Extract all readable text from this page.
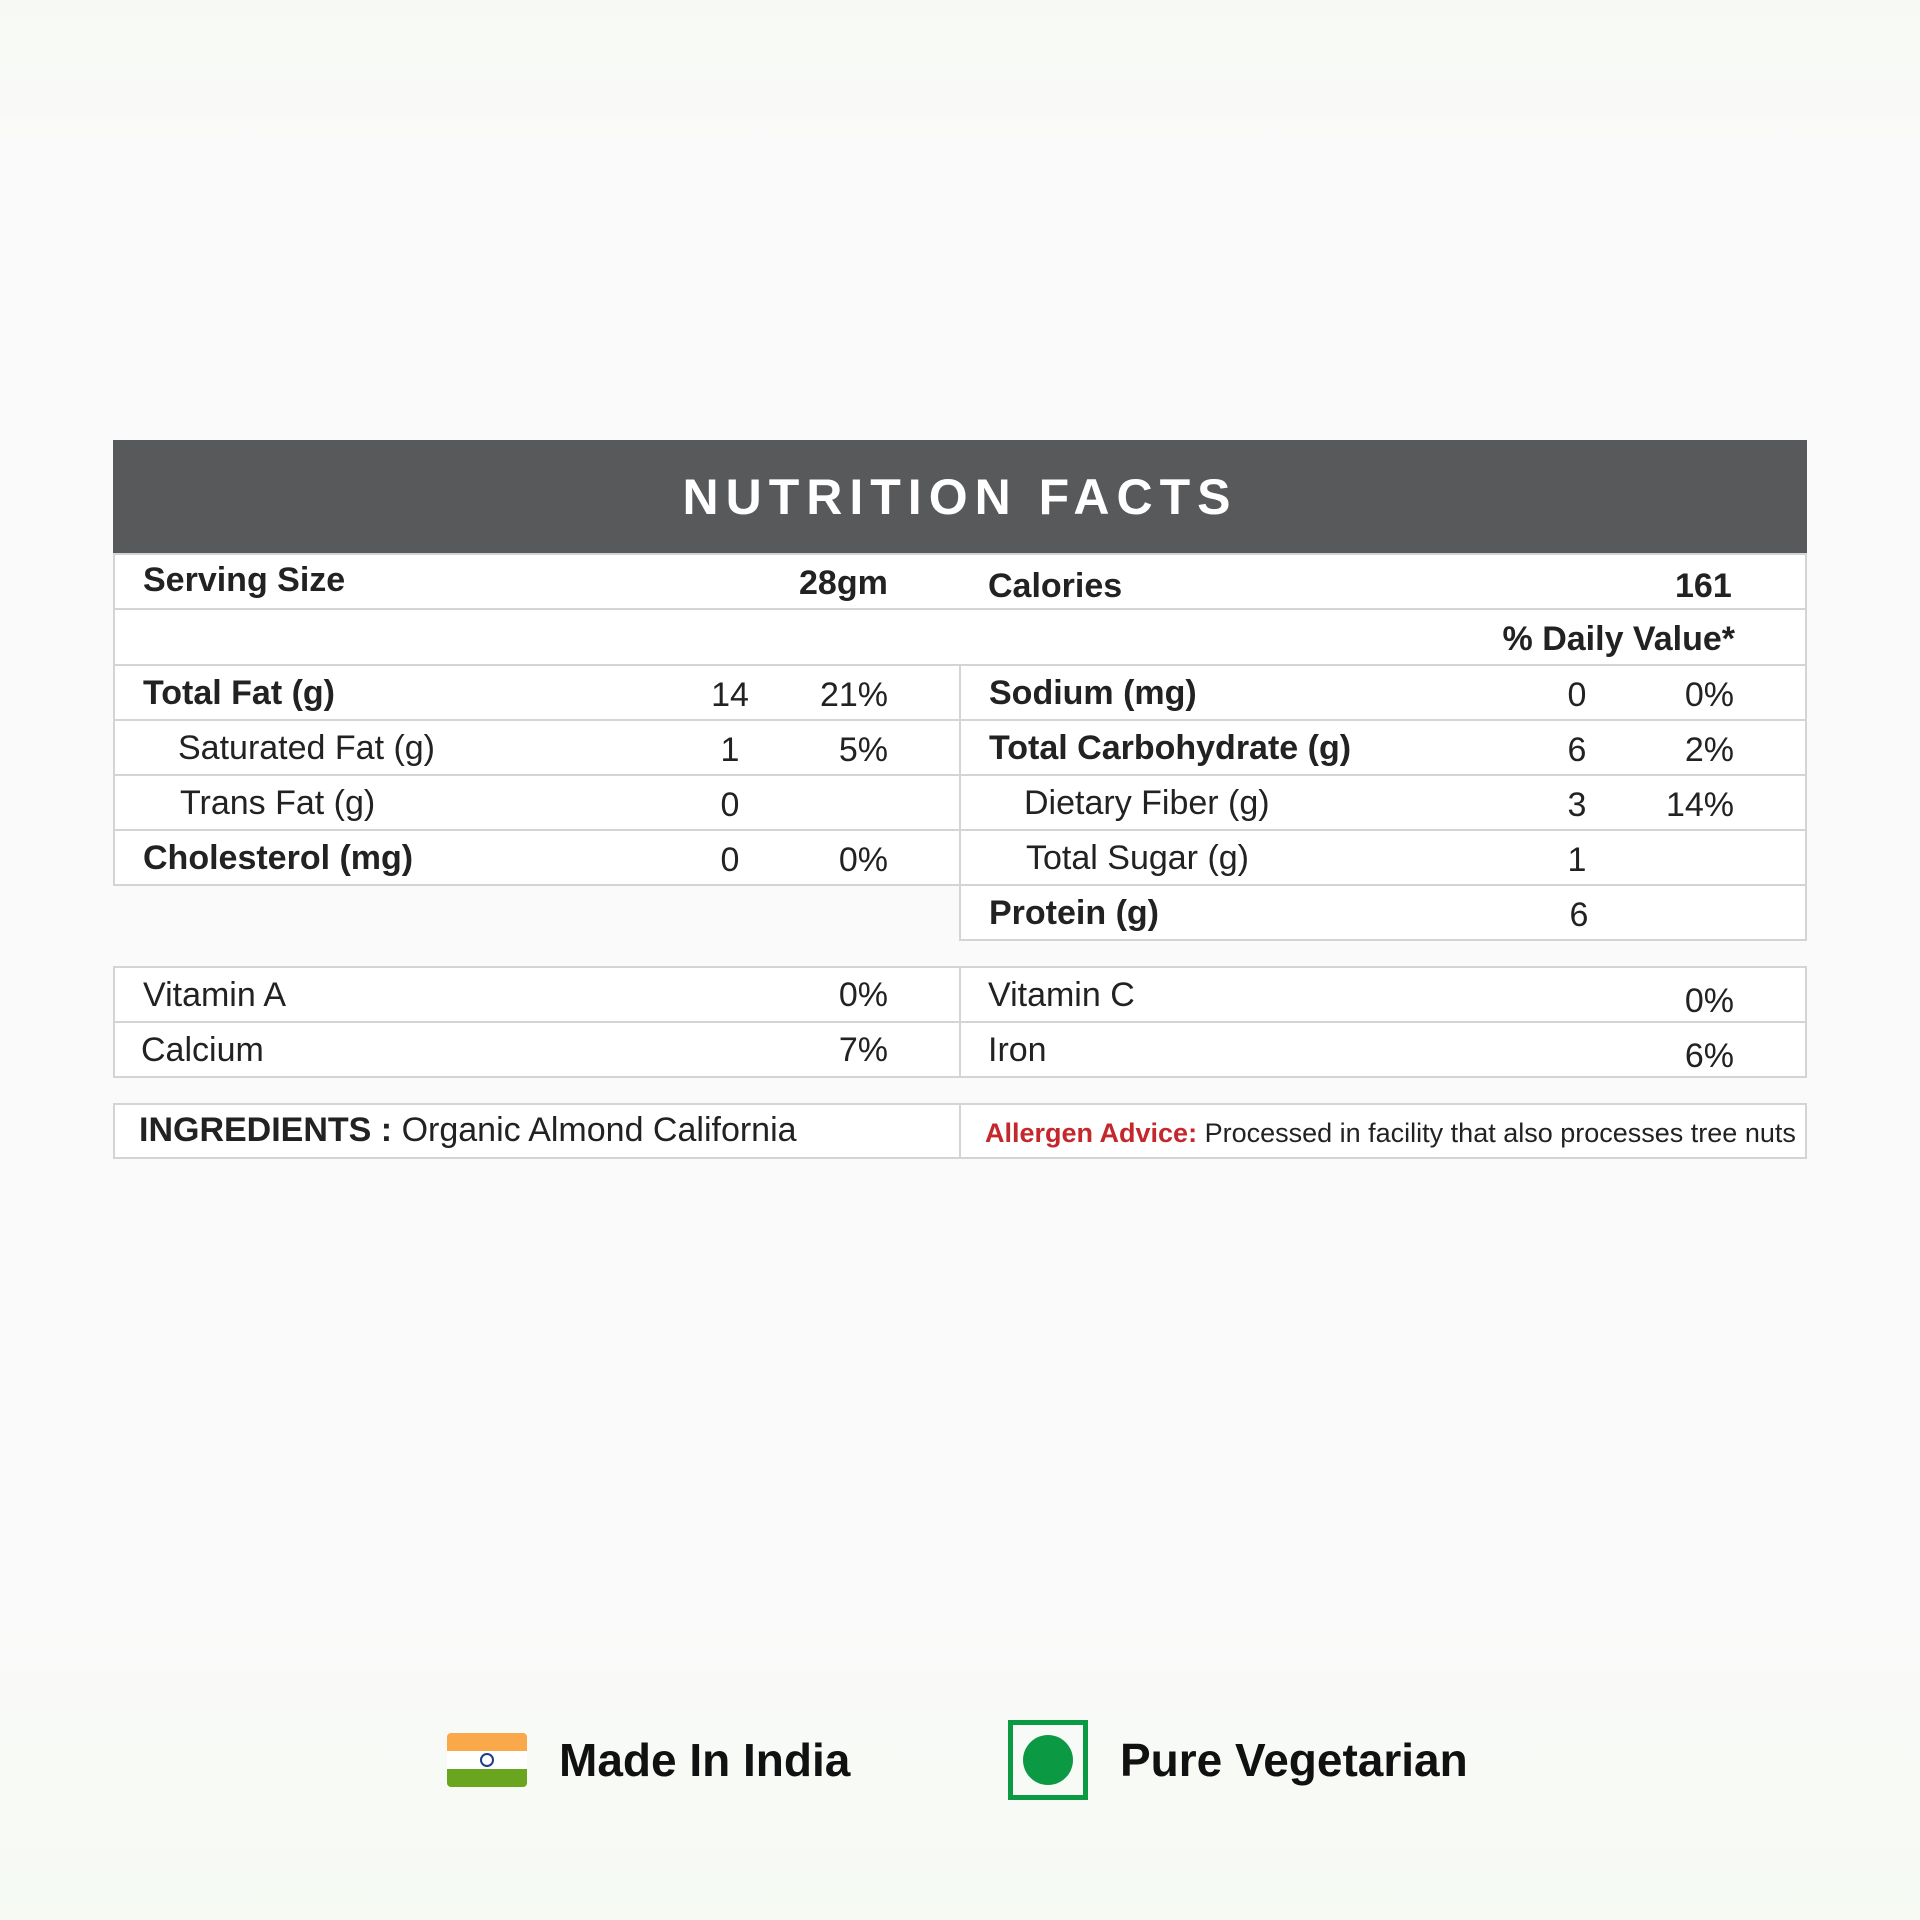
NUTRITION FACTS
Serving Size	28gm	Calories	161
% Daily Value*
Total Fat (g)	14	21%
Saturated Fat (g)	1	5%
Trans Fat (g)	0
Cholesterol (mg)	0	0%
Sodium (mg)	0	0%
Total Carbohydrate (g)	6	2%
Dietary Fiber (g)	3	14%
Total Sugar (g)	1
Protein (g)	6
Vitamin A	0%	Vitamin C	0%
Calcium	7%	Iron	6%
INGREDIENTS : Organic Almond California	Allergen Advice: Processed in facility that also processes tree nuts
Made In India	Pure Vegetarian
